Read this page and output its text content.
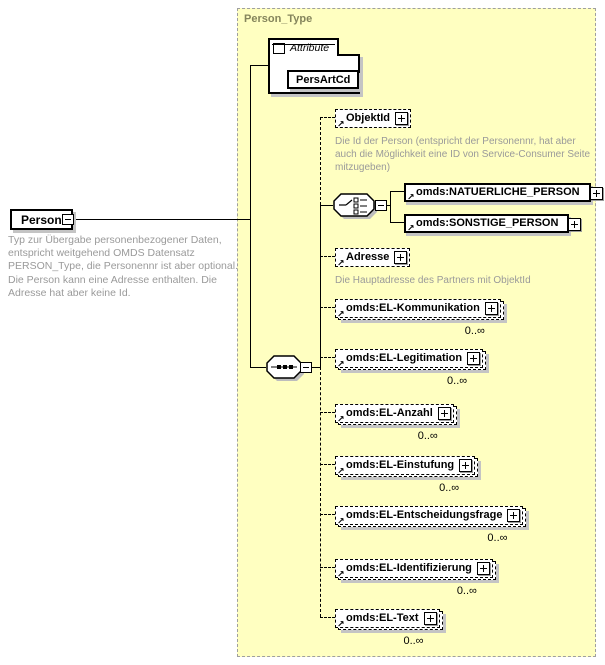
Person_Type
Person
Typ zur Übergabe personenbezogener Daten, entspricht weitgehend OMDS Datensatz PERSON_Type, die Personennr ist aber optional. Die Person kann eine Adresse enthalten. Die Adresse hat aber keine Id.
Attribute
PersArtCd
↗
ObjektId
Die Id der Person (entspricht der Personennr, hat aber auch die Möglichkeit eine ID von Service-Consumer Seite mitzugeben)
↗ omds:NATUERLICHE_PERSON
↗ omds:SONSTIGE_PERSON
↗
Adresse
Die Hauptadresse des Partners mit ObjektId
↗
omds:EL-Kommunikation
0..∞
↗
omds:EL-Legitimation
0..∞
↗
omds:EL-Anzahl
0..∞
↗
omds:EL-Einstufung
0..∞
↗
omds:EL-Entscheidungsfrage
0..∞
↗
omds:EL-Identifizierung
0..∞
↗
omds:EL-Text
0..∞
